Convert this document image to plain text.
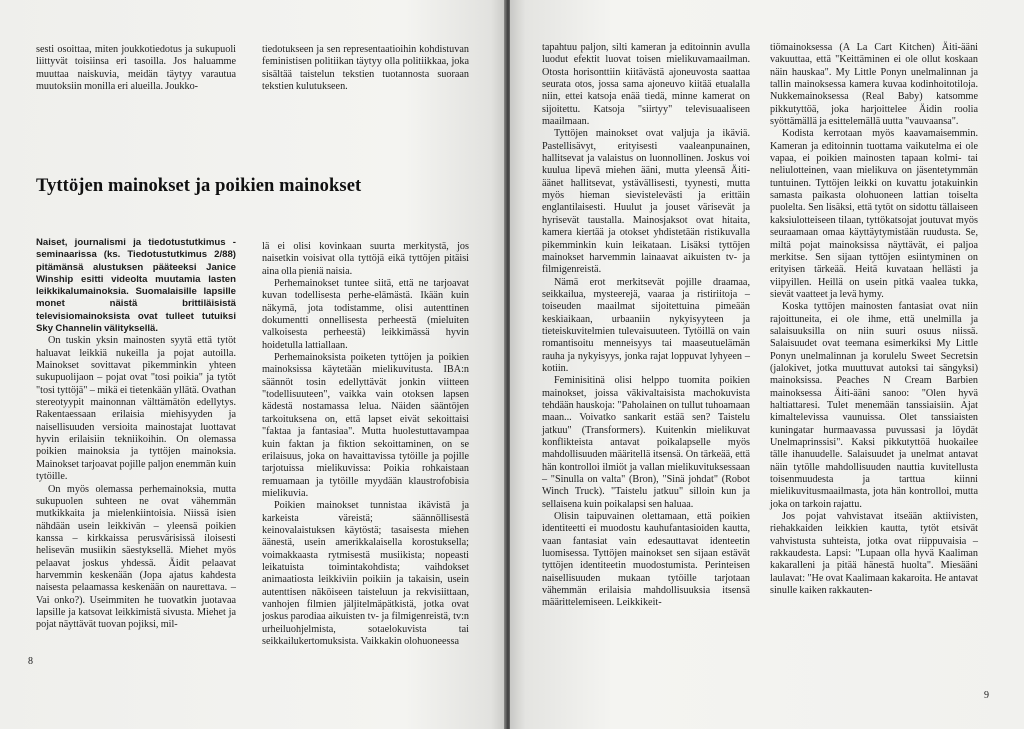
sesti osoittaa, miten joukkotiedotus ja sukupuoli liittyvät toisiinsa eri tasoilla. Jos haluamme muuttaa naiskuvia, meidän täytyy varautua muutoksiin monilla eri alueilla. Joukko-

tiedotukseen ja sen representaatioihin kohdistuvan feministisen politiikan täytyy olla politiikkaa, joka sisältää taistelun tekstien tuotannosta suoraan tekstien kulutukseen.

Tyttöjen mainokset ja poikien mainokset

Naiset, journalismi ja tiedotustutkimus -seminaarissa (ks. Tiedotustutkimus 2/88) pitämänsä alustuksen pääteeksi Janice Winship esitti videolta muutamia lasten leikkikalumainoksia. Suomalaisille lapsille monet näistä brittiläisistä televisiomainoksista ovat tulleet tutuiksi Sky Channelin välityksellä.

On tuskin yksin mainosten syytä että tytöt haluavat leikkiä nukeilla ja pojat autoilla. Mainokset sovittavat pikemminkin yhteen sukupuolijaon – pojat ovat "tosi poikia" ja tytöt "tosi tyttöjä" – mikä ei tietenkään yllätä. Ovathan stereotyypit mainonnan välttämätön edellytys. Rakentaessaan erilaisia miehisyyden ja naisellisuuden versioita mainostajat luottavat hyvin erilaisiin tekniikoihin. On olemassa poikien mainoksia ja tyttöjen mainoksia. Mainokset tarjoavat pojille paljon enemmän kuin tytöille.

On myös olemassa perhemainoksia, mutta sukupuolen suhteen ne ovat vähemmän mutkikkaita ja mielenkiintoisia. Niissä isien nähdään usein leikkivän – yleensä poikien kanssa – kirkkaissa perusvärisissä iloisesti helisevän musiikin säestyksellä. Miehet myös pelaavat joskus yhdessä. Äidit pelaavat harvemmin keskenään (Jopa ajatus kahdesta naisesta pelaamassa keskenään on naurettava. – Vai onko?). Useimmiten he tuovatkin juotavaa lapsille ja katsovat leikkimistä sivusta. Miehet ja pojat näyttävät tuovan pojiksi, mil-

lä ei olisi kovinkaan suurta merkitystä, jos naisetkin voisivat olla tyttöjä eikä tyttöjen pitäisi aina olla pieniä naisia.

Perhemainokset tuntee siitä, että ne tarjoavat kuvan todellisesta perhe-elämästä. Ikään kuin näkymä, jota todistamme, olisi autenttinen dokumentti onnellisesta perheestä (mieluiten valkoisesta perheestä) leikkimässä hyvin hoidetulla lattiallaan.

Perhemainoksista poiketen tyttöjen ja poikien mainoksissa käytetään mielikuvitusta. IBA:n säännöt tosin edellyttävät jonkin viitteen "todellisuuteen", vaikka vain otoksen lapsen kädestä nostamassa lelua. Näiden sääntöjen tarkoituksena on, että lapset eivät sekoittaisi "faktaa ja fantasiaa". Mutta huolestuttavampaa kuin faktan ja fiktion sekoittaminen, on se erilaisuus, joka on havaittavissa tytöille ja pojille tarjotuissa mielikuvissa: Poikia rohkaistaan remuamaan ja tytöille myydään klaustrofobisia mielikuvia.

Poikien mainokset tunnistaa ikävistä ja karkeista väreistä; säännöllisestä keinovalaistuksen käytöstä; tasaisesta miehen äänestä, usein amerikkalaisella korostuksella; voimakkaasta rytmisestä musiikista; nopeasti leikatuista toimintakohdista; vaihdokset animaatiosta leikkiviin poikiin ja takaisin, usein autenttisen näköiseen taisteluun ja rekvisiittaan, vanhojen filmien jäljitelmäpätkistä, jotka ovat joskus parodiaa aikuisten tv- ja filmigenreistä, tv:n urheiluohjelmista, sotaelokuvista tai seikkailukertomuksista. Vaikkakin olohuoneessa

8

tapahtuu paljon, silti kameran ja editoinnin avulla luodut efektit luovat toisen mielikuvamaailman. Otosta horisonttiin kiitävästä ajoneuvosta saattaa seurata otos, jossa sama ajoneuvo kiitää etualalla niin, ettei katsoja enää tiedä, minne kamerat on sijoitettu. Katsoja "siirtyy" televisuaaliseen maailmaan.

Tyttöjen mainokset ovat valjuja ja ikäviä. Pastellisävyt, erityisesti vaaleanpunainen, hallitsevat ja valaistus on luonnollinen. Joskus voi kuulua lipevä miehen ääni, mutta yleensä Äiti-äänet hallitsevat, ystävällisesti, tyynesti, mutta myös hieman sievistelevästi ja erittäin englantilaisesti. Huulut ja jouset värisevät ja hyrisevät taustalla. Mainosjaksot ovat hitaita, kamera kiertää ja otokset yhdistetään ristikuvalla pikemminkin kuin leikataan. Lisäksi tyttöjen mainokset harvemmin lainaavat aikuisten tv- ja filmigenreistä.

Nämä erot merkitsevät pojille draamaa, seikkailua, mysteerejä, vaaraa ja ristiriitoja – toiseuden maailmat sijoitettuina pimeään keskiaikaan, urbaaniin nykyisyyteen ja tieteiskuvitelmien tulevaisuuteen. Tytöillä on vain romantisoitu menneisyys tai maaseutuelämän rauha ja nykyisyys, jonka rajat loppuvat lyhyeen – kotiin.

Feminisitinä olisi helppo tuomita poikien mainokset, joissa väkivaltaisista machokuvista tehdään hauskoja: "Paholainen on tullut tuhoamaan maan... Voivatko sankarit estää sen? Taistelu jatkuu" (Transformers). Kuitenkin mielikuvat konflikteista antavat poikalapselle myös mahdollisuuden määritellä itsensä. On tärkeää, että hän kontrolloi ilmiöt ja vallan mielikuvituksessaan – "Sinulla on valta" (Bron), "Sinä johdat" (Robot Winch Truck). "Taistelu jatkuu" silloin kun ja sellaisena kuin poikalapsi sen haluaa.

Olisin taipuvainen olettamaan, että poikien identiteetti ei muodostu kauhufantasioiden kautta, vaan fantasiat vain edesauttavat identeetin luomisessa. Tyttöjen mainokset sen sijaan estävät tyttöjen identiteetin muodostumista. Perinteisen naisellisuuden mukaan tytöille tarjotaan vähemmän erilaisia mahdollisuuksia itsensä määrittelemiseen. Leikkikeit-

tiömainoksessa (A La Cart Kitchen) Äiti-ääni vakuuttaa, että "Keittäminen ei ole ollut koskaan näin hauskaa". My Little Ponyn unelmalinnan ja tallin mainoksessa kamera kuvaa kodinhoitotiloja. Nukkemainoksessa (Real Baby) katsomme pikkutyttöä, joka harjoittelee Äidin roolia syöttämällä ja esittelemällä uutta "vauvaansa".

Kodista kerrotaan myös kaavamaisemmin. Kameran ja editoinnin tuottama vaikutelma ei ole vapaa, ei poikien mainosten tapaan kolmi- tai neliulotteinen, vaan mielikuva on jäsentetymmän tuntuinen. Tyttöjen leikki on kuvattu jotakuinkin samasta paikasta olohuoneen lattian toiselta puolelta. Sen lisäksi, että tytöt on sidottu tällaiseen kaksiulotteiseen tilaan, tyttökatsojat joutuvat myös seuraamaan omaa käyttäytymistään ruudusta. Se, miltä pojat mainoksissa näyttävät, ei paljoa merkitse. Sen sijaan tyttöjen esiintyminen on erityisen tärkeää. Heitä kuvataan hellästi ja viipyillen. Heillä on usein pitkä vaalea tukka, sievät vaatteet ja levä hymy.

Koska tyttöjen mainosten fantasiat ovat niin rajoittuneita, ei ole ihme, että unelmilla ja salaisuuksilla on niin suuri osuus niissä. Salaisuudet ovat teemana esimerkiksi My Little Ponyn unelmalinnan ja korulelu Sweet Secretsin (jalokivet, jotka muuttuvat autoksi tai sängyksi) mainoksissa. Peaches N Cream Barbien mainoksessa Äiti-ääni sanoo: "Olen hyvä haltiattaresi. Tulet menemään tanssiaisiin. Ajat kimaltelevissa vaunuissa. Olet tanssiaisten kuningatar hurmaavassa puvussasi ja löydät Unelmaprinssisi". Kaksi pikkutyttöä huokailee tälle ihanuudelle. Salaisuudet ja unelmat antavat näin tytölle mahdollisuuden nauttia kuvitellusta toisenmuudesta ja tarttua kiinni mielikuvitusmaailmasta, jota hän kontrolloi, mutta joka on tarkoin rajattu.

Jos pojat vahvistavat itseään aktiivisten, riehakkaiden leikkien kautta, tytöt etsivät vahvistusta suhteista, jotka ovat riippuvaisia – rakkaudesta. Lapsi: "Lupaan olla hyvä Kaaliman kakaralleni ja pitää hänestä huolta". Miesääni laulavat: "He ovat Kaalimaan kakaroita. He antavat sinulle kaiken rakkauten-

9
